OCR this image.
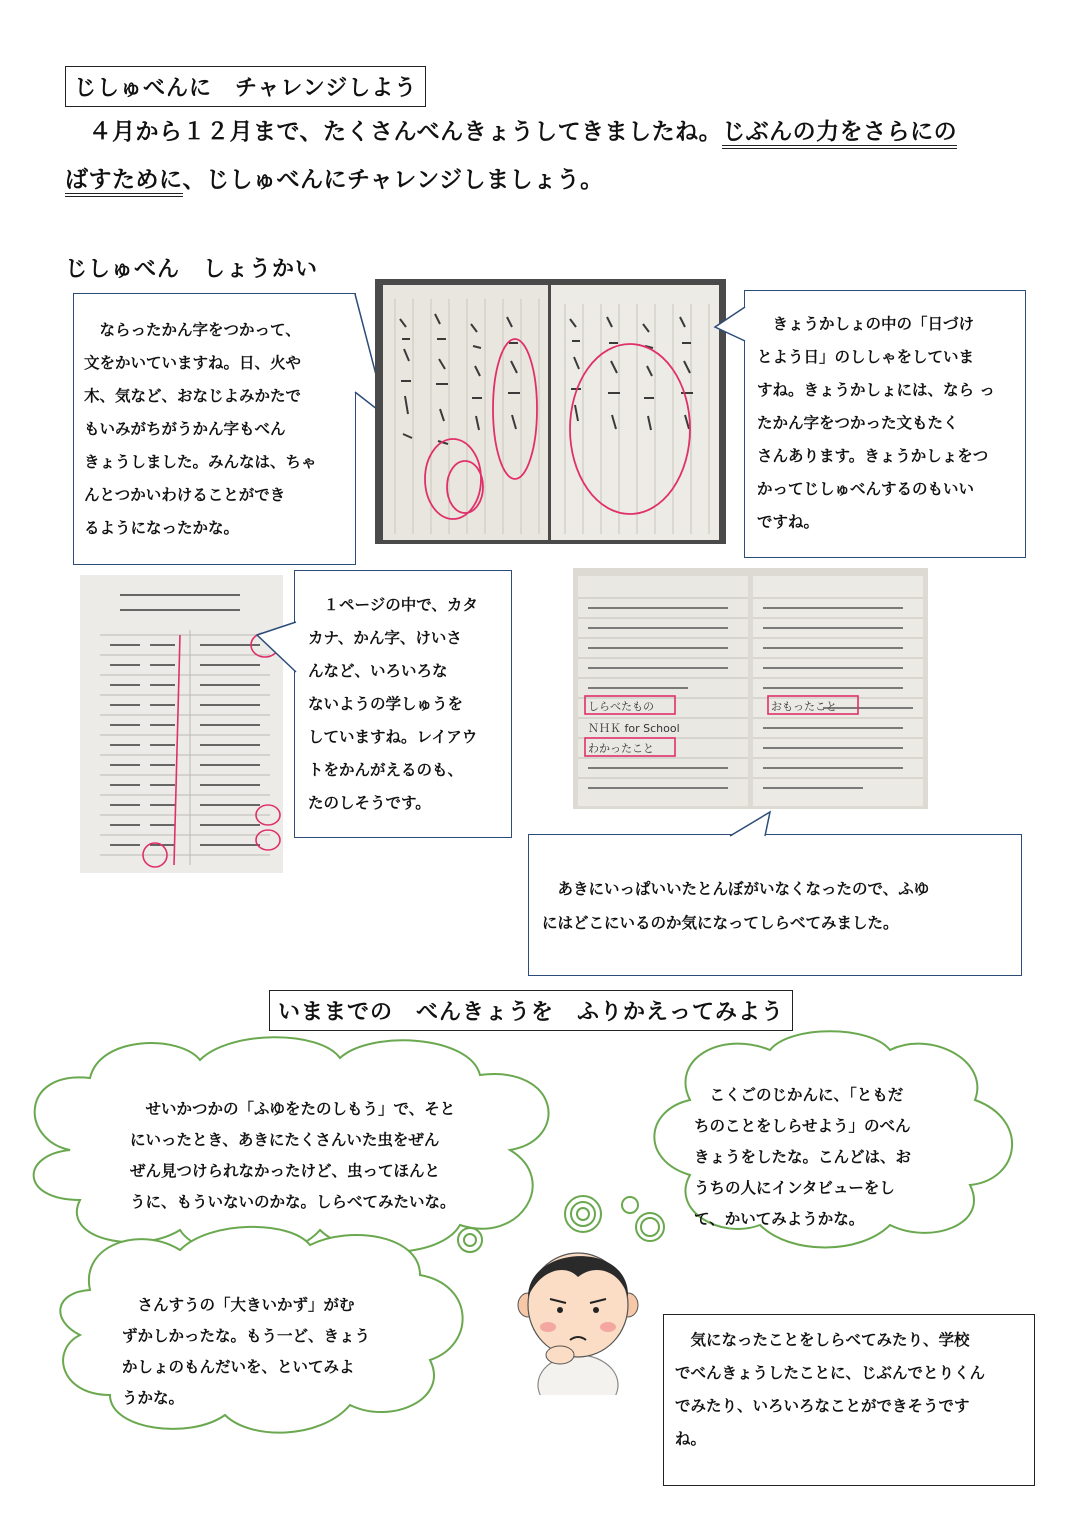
じしゅべんに　チャレンジしよう
　４月から１２月まで、たくさんべんきょうしてきましたね。じぶんの力をさらにの
ばすために、じしゅべんにチャレンジしましょう。
じしゅべん　しょうかい
　ならったかん字をつかって、
文をかいていますね。日、火や
木、気など、おなじよみかたで
もいみがちがうかん字もべん
きょうしました。みんなは、ちゃ
んとつかいわけることができ
るようになったかな。
　きょうかしょの中の「日づけ
とよう日」のししゃをしていま
すね。きょうかしょには、なら っ
たかん字をつかった文もたく
さんあります。きょうかしょをつ
かってじしゅべんするのもいい
ですね。
　１ページの中で、カタ
カナ、かん字、けいさ
んなど、いろいろな
ないようの学しゅうを
していますね。レイアウ
トをかんがえるのも、
たのしそうです。
しらべたもの
ＮＨＫ for School
わかったこと
おもったこと
　あきにいっぱいいたとんぼがいなくなったので、ふゆ
にはどこにいるのか気になってしらべてみました。
いままでの　べんきょうを　ふりかえってみよう
　せいかつかの「ふゆをたのしもう」で、そと
にいったとき、あきにたくさんいた虫をぜん
ぜん見つけられなかったけど、虫ってほんと
うに、もういないのかな。しらべてみたいな。
　こくごのじかんに、「ともだ
ちのことをしらせよう」のべん
きょうをしたな。こんどは、お
うちの人にインタビューをし
て、かいてみようかな。
　さんすうの「大きいかず」がむ
ずかしかったな。もう一ど、きょう
かしょのもんだいを、といてみよ
うかな。
　気になったことをしらべてみたり、学校
でべんきょうしたことに、じぶんでとりくん
でみたり、いろいろなことができそうです
ね。
